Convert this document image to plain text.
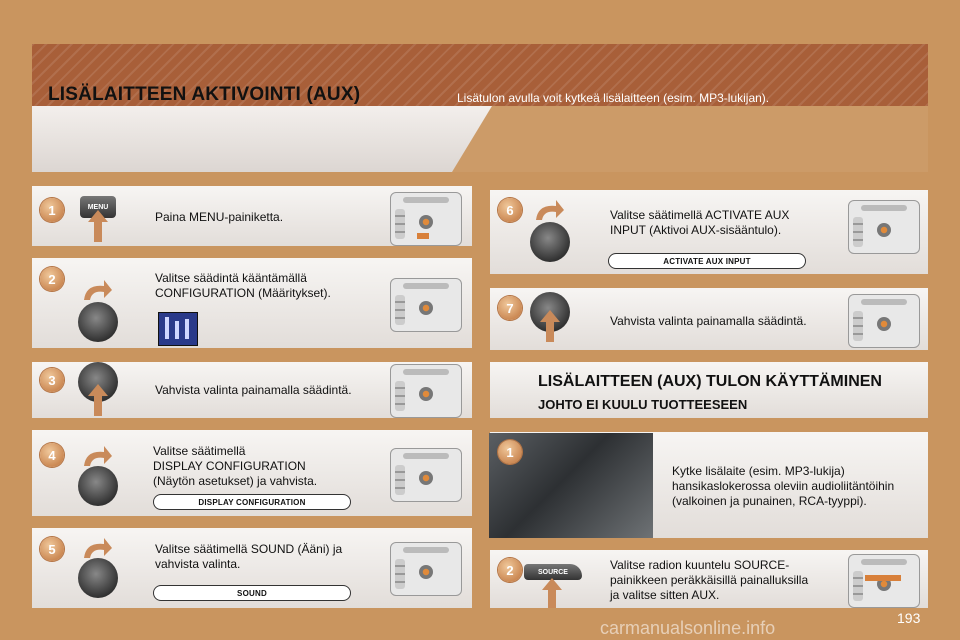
LISÄLAITTEEN AKTIVOINTI (AUX)	Lisätulon avulla voit kytkeä lisälaitteen (esim. MP3-lukijan).
1	MENU
Paina MENU-painiketta.
2	Valitse säädintä kääntämällä
CONFIGURATION (Määritykset).
3
Vahvista valinta painamalla säädintä.
4	Valitse säätimellä
DISPLAY CONFIGURATION
(Näytön asetukset) ja vahvista.
DISPLAY CONFIGURATION
5	Valitse säätimellä SOUND (Ääni) ja
vahvista valinta.
SOUND
6	Valitse säätimellä ACTIVATE AUX
INPUT (Aktivoi AUX-sisääntulo).
ACTIVATE AUX INPUT
7
Vahvista valinta painamalla säädintä.
LISÄLAITTEEN (AUX) TULON KÄYTTÄMINEN
JOHTO EI KUULU TUOTTEESEEN
1
Kytke lisälaite (esim. MP3-lukija)
hansikaslokerossa oleviin audioliitäntöihin
(valkoinen ja punainen, RCA-tyyppi).
2	SOURCE	Valitse radion kuuntelu SOURCE-
painikkeen peräkkäisillä painalluksilla
ja valitse sitten AUX.
193
carmanualsonline.info
